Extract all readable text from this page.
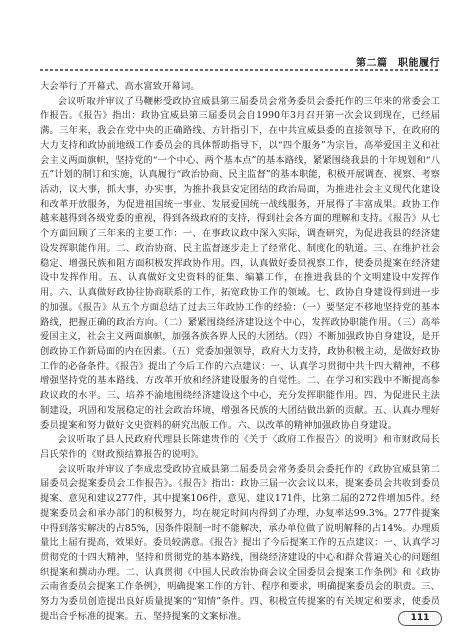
第二篇　职能履行

大会举行了开幕式、高水富致开幕词。

会议听取并审议了马鞭彬受政协宜威县第三届委员会常务委员会委托作的三年来的常委会工作报告。《报告》指出：政协宜威县第三届委员会自1990年3月召开第一次会议到现在，已经届满。三年来，我会在党中央的正确路线、方针指引下，在中共宜威县委的直接领导下，在政府的大力支持和政协前地级工作委员会的具体帮助指导下，以“四个服务”为宗旨，高举爱国主义和社会主义两面旗帜，坚持党的“一个中心、两个基本点”的基本路线，紧紧围绕我县的十年规划和“八五”计划的制订和实施，认真履行“政治协商、民主监督”的基本职能，积极开展调查、视察、考察活动，议大事，抓大事，办实事，为推扑我县安定团结的政治局面，为推进社会主义现代化建设和改革开放服务，为促进祖国统一事业、发展爱国统一战线服务，开展得了丰富成果。政协工作越来越得到各级党委的重视，得到各级政府的支持，得到社会各方面的理解和支持。《报告》从七个方面回顾了三年来的主要工作：一、在事政议政中深入实际，调查研究，为促进我县的经济建设发挥职能作用。二、政治协商、民主监督逐步走上了经常化、制度化的轨道。三、在维护社会稳定、增强民族和阻方面积极发挥政协作用。四，认真做好委员视察工作，使委员提案在经济建设中发挥作用。五、认真做好文史资料的征集、编纂工作，在推进我县的个文明建设中发挥作用。六、认真做好政协往协商联系的工作，拓宽政协工作的领域。七、政协自身建设得到进一步的加强。《报告》从五个方面总结了过去三年政协工作的经验：（一）要坚定不移地坚持党的基本路线，把握正确的政治方向。（二）紧紧围绕经济建设这个中心，发挥政协职能作用。（三）高举爱国主义，社会主义两面旗帜，加强各族各界人民的大团结。（四）不断加强政协自身建设，是开创政协工作新局面的内在因素。（五）党委加强领导，政府大力支持，政协积极主动，是做好政协工作的必备条件。《报告》提出了今后工作的六点建议：一、认真学习贯彻中共十四大精神，不移增强坚持党的基本路线、方改革开放和经济建设服务的自觉性。二、在学习和实践中不断提高参政议政的水平。三、培养不渝地围绕经济建设这个中心，充分发挥职能作用。四、为促进民主法制建设，巩固和发展稳定的社会政治环境，增强各民族的大团结做出新的贡献。五、认真办理好委员提案和努力做好文史资料的研究出版工作。六、以改革的精神加强政协自身建设。

会议听取了县人民政府代理县长陈建贵作的《关于〈政府工作报告〉的说明》和市财政局长吕氏荣作的《财政预结算报告的说明》。

会议听取并审议了李成忠受政协宜威县第二届委员会常务委员会委托作的《政协宜威县第二届委员会提案委员会工作报告》。《报告》指出：政协三届一次会议以来，提案委员会共收到委员提案、意见和建议277件，其中提案106件，意见、建议171件，比第二届的272件增加5件。经提案委员会和承办部门的积极努力，均在规定时间内得到了办理，办复率达99.3%。277件提案中得到落实解决的占85%，因条件限制一时不能解决，承办单位做了说明解释的占14%。办理质量比上届有提高，效果好。委员较满意。《报告》提出了今后提案工作的五点建议：一、认真学习贯彻党的十四大精神，坚持和贯彻党的基本路线，围绕经济建设的中心和群众普遍关心的问题组织提案和撰动办理。二、认真贯彻《中国人民政治协商会议全国委员会提案工作条例》和《政协云南省委员会提案工作条例》，明确提案工作的方针、程序和要求，明确提案委员会的职责。三、努力为委员创造提出良好质量提案的“知情”条件。四、积极宣传提案的有关规定和要求，使委员提出合乎标准的提案。五、坚持提案的文案标准。	111
